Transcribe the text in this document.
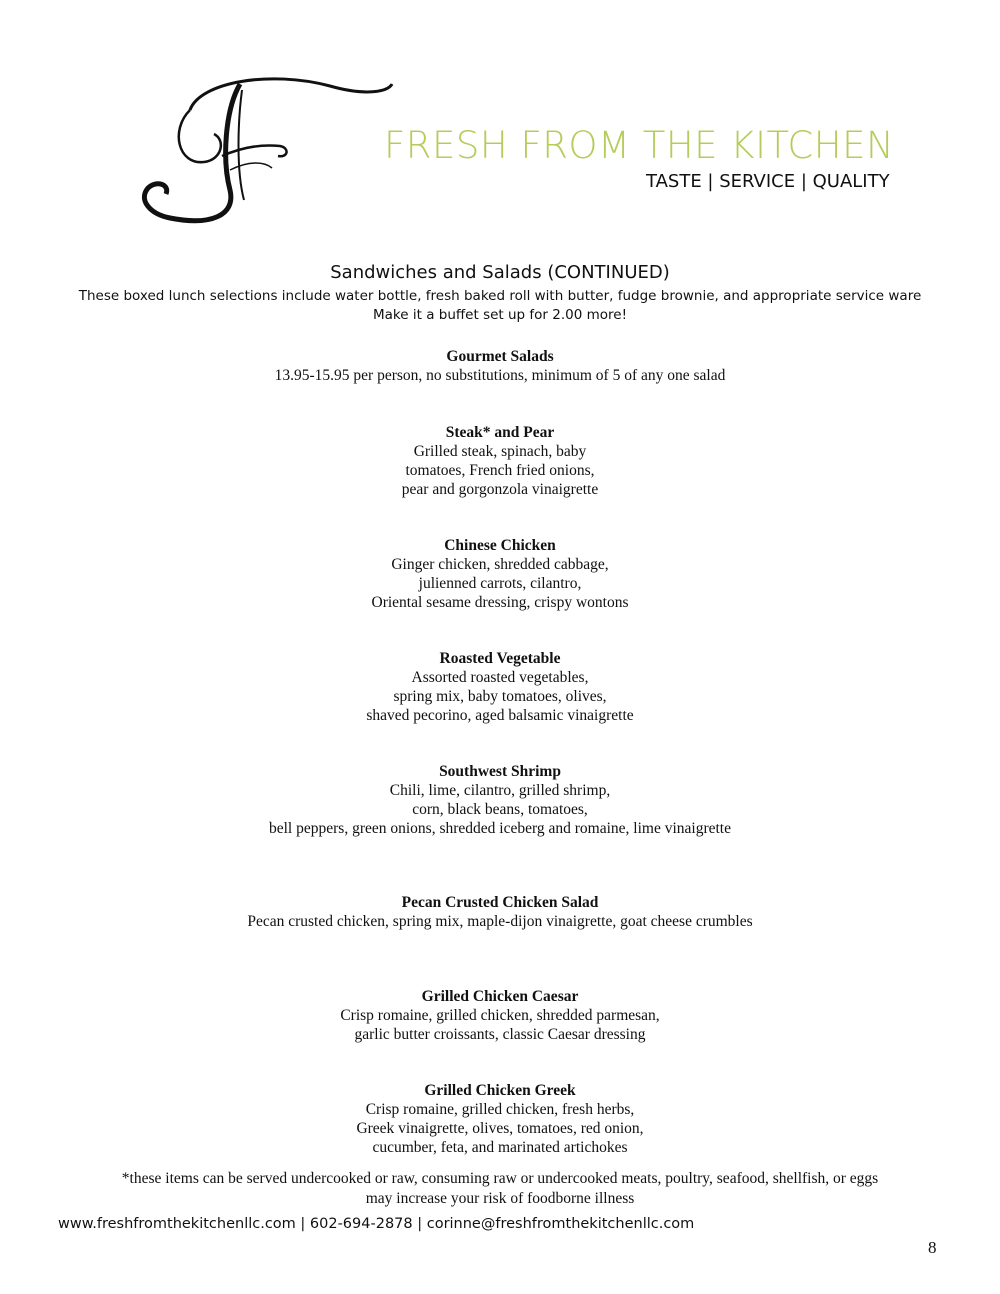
FRESH FROM THE KITCHEN
TASTE | SERVICE | QUALITY
Sandwiches and Salads (CONTINUED)
These boxed lunch selections include water bottle, fresh baked roll with butter, fudge brownie, and appropriate service ware
Make it a buffet set up for 2.00 more!
Gourmet Salads
13.95-15.95 per person, no substitutions, minimum of 5 of any one salad
Steak* and Pear
Grilled steak, spinach, baby
tomatoes, French fried onions,
pear and gorgonzola vinaigrette
Chinese Chicken
Ginger chicken, shredded cabbage,
julienned carrots, cilantro,
Oriental sesame dressing, crispy wontons
Roasted Vegetable
Assorted roasted vegetables,
spring mix, baby tomatoes, olives,
shaved pecorino, aged balsamic vinaigrette
Southwest Shrimp
Chili, lime, cilantro, grilled shrimp,
corn, black beans, tomatoes,
bell peppers, green onions, shredded iceberg and romaine, lime vinaigrette
Pecan Crusted Chicken Salad
Pecan crusted chicken, spring mix, maple-dijon vinaigrette, goat cheese crumbles
Grilled Chicken Caesar
Crisp romaine, grilled chicken, shredded parmesan,
garlic butter croissants, classic Caesar dressing
Grilled Chicken Greek
Crisp romaine, grilled chicken, fresh herbs,
Greek vinaigrette, olives, tomatoes, red onion,
cucumber, feta, and marinated artichokes
*these items can be served undercooked or raw, consuming raw or undercooked meats, poultry, seafood, shellfish, or eggs
may increase your risk of foodborne illness
www.freshfromthekitchenllc.com | 602-694-2878 | corinne@freshfromthekitchenllc.com
8
